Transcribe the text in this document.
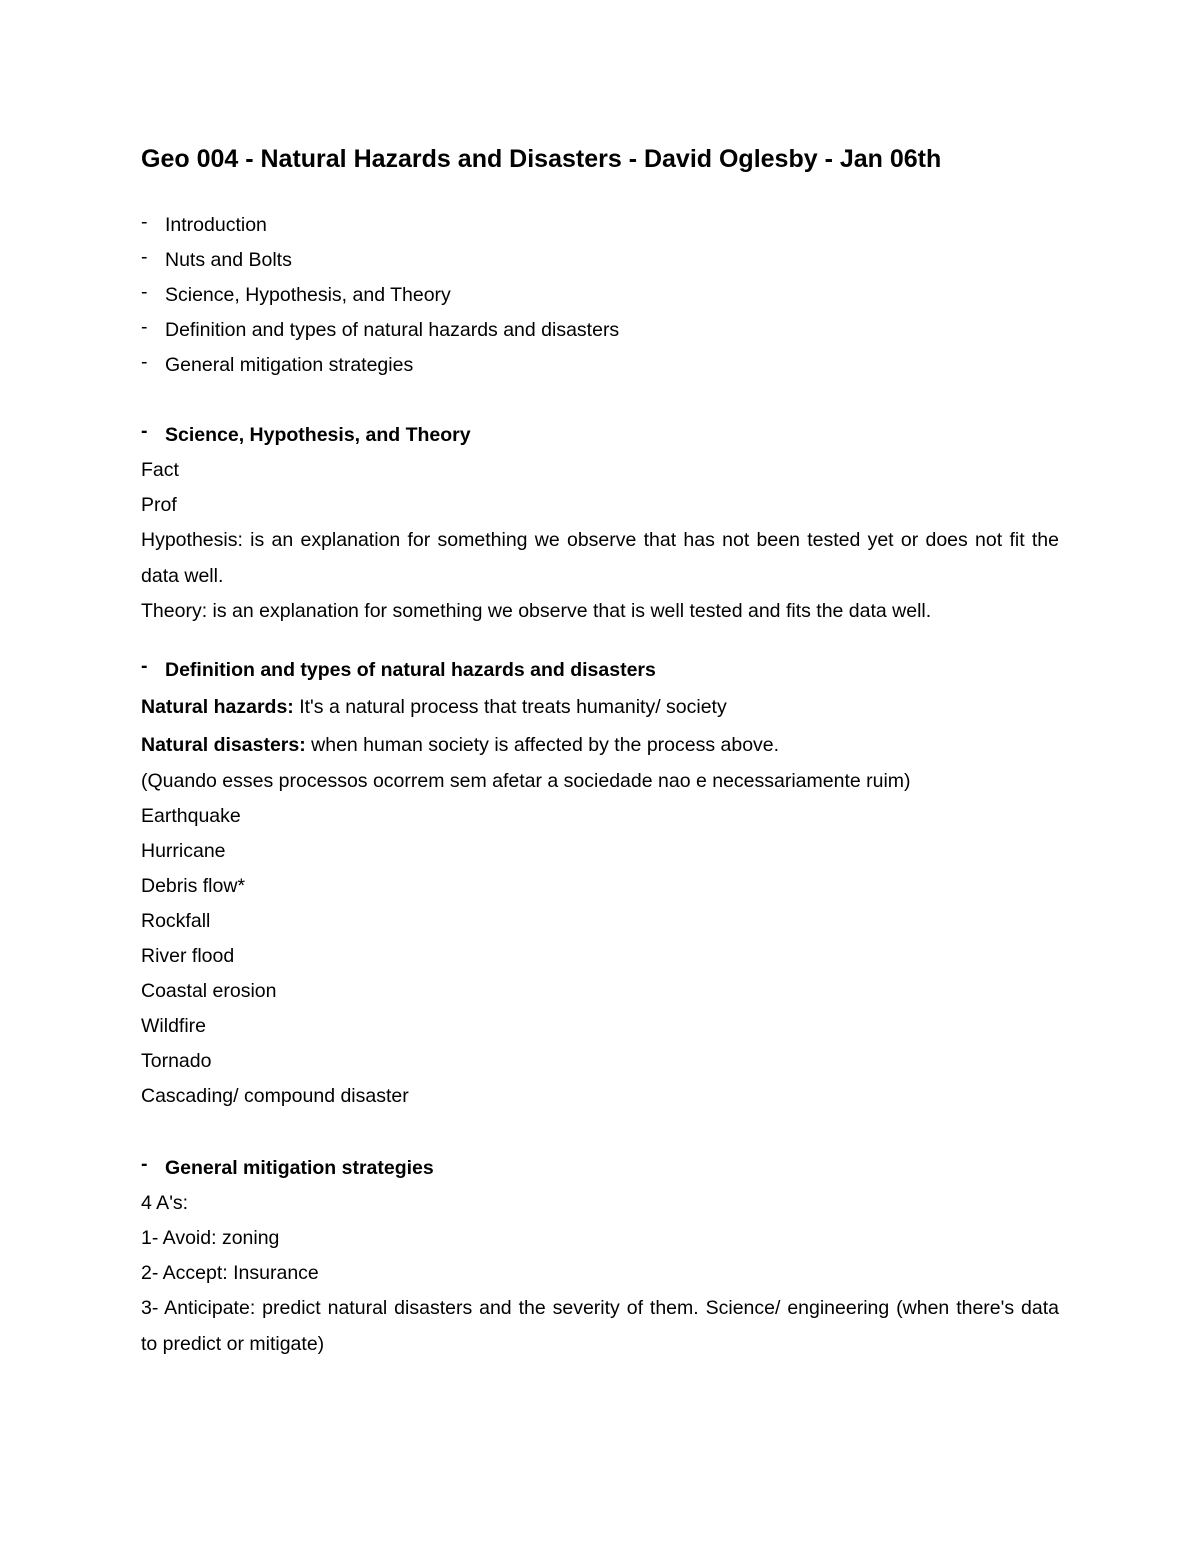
Geo 004 - Natural Hazards and Disasters - David Oglesby - Jan 06th
- Introduction
- Nuts and Bolts
- Science, Hypothesis, and Theory
- Definition and types of natural hazards and disasters
- General mitigation strategies
- Science, Hypothesis, and Theory
Fact
Prof
Hypothesis: is an explanation for something we observe that has not been tested yet or does not fit the data well.
Theory: is an explanation for something we observe that is well tested and fits the data well.
- Definition and types of natural hazards and disasters
Natural hazards: It's a natural process that treats humanity/ society
Natural disasters: when human society is affected by the process above.
(Quando esses processos ocorrem sem afetar a sociedade nao e necessariamente ruim)
Earthquake
Hurricane
Debris flow*
Rockfall
River flood
Coastal erosion
Wildfire
Tornado
Cascading/ compound disaster
- General mitigation strategies
4 A's:
1- Avoid: zoning
2- Accept: Insurance
3- Anticipate: predict natural disasters and the severity of them. Science/ engineering (when there's data to predict or mitigate)
